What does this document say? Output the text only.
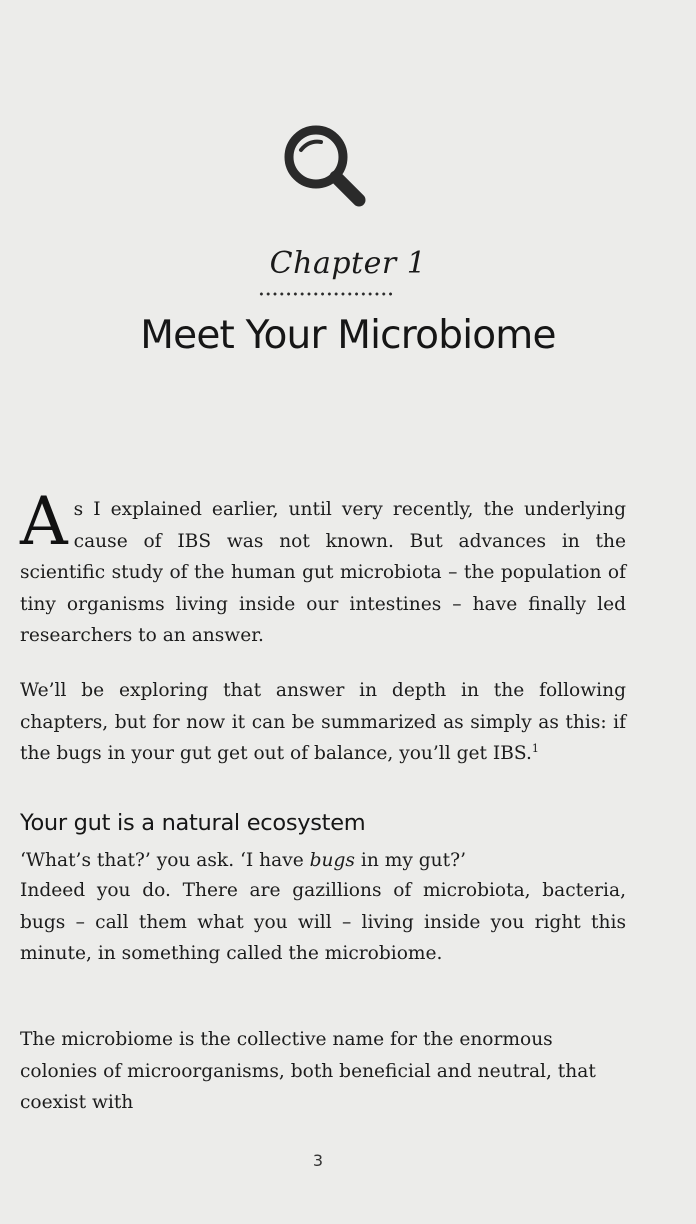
Chapter 1
Meet Your Microbiome

As I explained earlier, until very recently, the underlying cause of IBS was not known. But advances in the scientific study of the human gut microbiota – the population of tiny organisms living inside our intestines – have finally led researchers to an answer.

We’ll be exploring that answer in depth in the following chapters, but for now it can be summarized as simply as this: if the bugs in your gut get out of balance, you’ll get IBS.$^1$

Your gut is a natural ecosystem

‘What’s that?’ you ask. ‘I have bugs in my gut?’

Indeed you do. There are gazillions of microbiota, bacteria, bugs – call them what you will – living inside you right this minute, in something called the microbiome.

The microbiome is the collective name for the enormous colonies of microorganisms, both beneficial and neutral, that coexist with

3
